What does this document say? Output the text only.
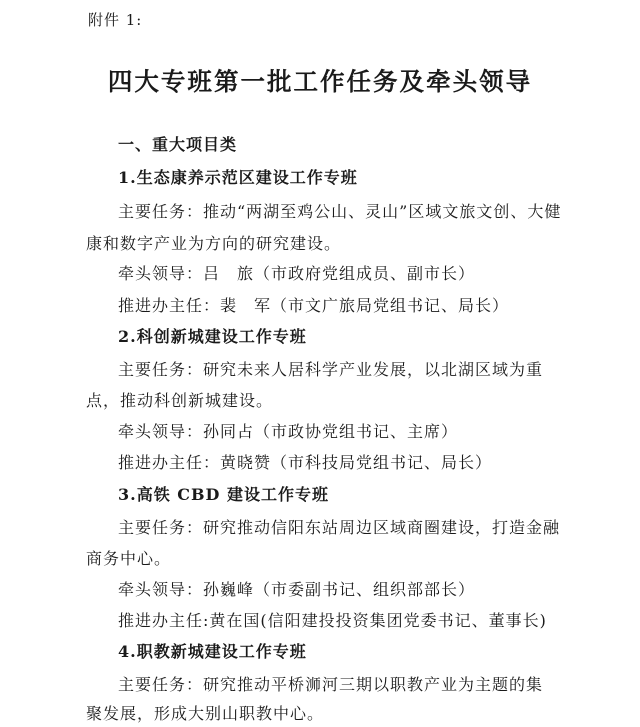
附件 1:
四大专班第一批工作任务及牵头领导
一、重大项目类
1.生态康养示范区建设工作专班
主要任务：推动“两湖至鸡公山、灵山”区域文旅文创、大健
康和数字产业为方向的研究建设。
牵头领导：吕　旅（市政府党组成员、副市长）
推进办主任：裴　军（市文广旅局党组书记、局长）
2.科创新城建设工作专班
主要任务：研究未来人居科学产业发展，以北湖区域为重
点，推动科创新城建设。
牵头领导：孙同占（市政协党组书记、主席）
推进办主任：黄晓赞（市科技局党组书记、局长）
3.高铁 CBD 建设工作专班
主要任务：研究推动信阳东站周边区域商圈建设，打造金融
商务中心。
牵头领导：孙巍峰（市委副书记、组织部部长）
推进办主任:黄在国(信阳建投投资集团党委书记、董事长)
4.职教新城建设工作专班
主要任务：研究推动平桥浉河三期以职教产业为主题的集
聚发展，形成大别山职教中心。
